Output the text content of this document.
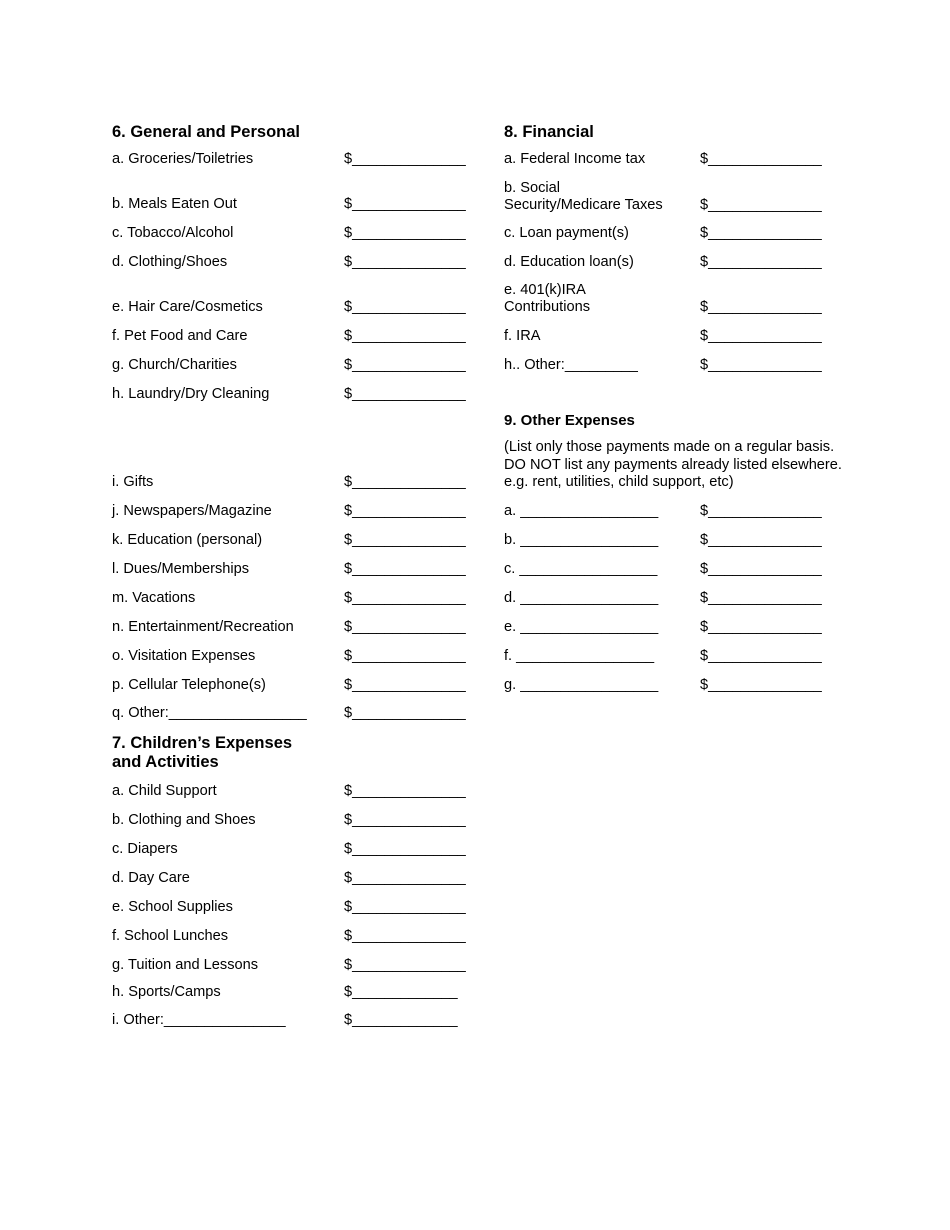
6. General and Personal
a. Groceries/Toiletries	$______________
b. Meals Eaten Out	$______________
c. Tobacco/Alcohol	$______________
d. Clothing/Shoes	$______________
e. Hair Care/Cosmetics	$______________
f. Pet Food and Care	$______________
g. Church/Charities	$______________
h. Laundry/Dry Cleaning	$______________
i. Gifts	$______________
j. Newspapers/Magazine	$______________
k. Education (personal)	$______________
l. Dues/Memberships	$______________
m. Vacations	$______________
n. Entertainment/Recreation	$______________
o. Visitation Expenses	$______________
p. Cellular Telephone(s)	$______________
q. Other:_________________	$______________
7. Children’s Expenses
and Activities
a. Child Support	$______________
b. Clothing and Shoes	$______________
c. Diapers	$______________
d. Day Care	$______________
e. School Supplies	$______________
f. School Lunches	$______________
g. Tuition and Lessons	$______________
h. Sports/Camps	$_____________
i. Other:_______________	$_____________
8. Financial
a. Federal Income tax	$______________
b. Social
Security/Medicare Taxes	$______________
c. Loan payment(s)	$______________
d. Education loan(s)	$______________
e. 401(k)IRA
Contributions	$______________
f. IRA	$______________
h.. Other:_________	$______________
9. Other Expenses
(List only those payments made on a regular basis. DO NOT list any payments already listed elsewhere. e.g. rent, utilities, child support, etc)
a. _________________	$______________
b. _________________	$______________
c. _________________	$______________
d. _________________	$______________
e. _________________	$______________
f. _________________	$______________
g. _________________	$______________
